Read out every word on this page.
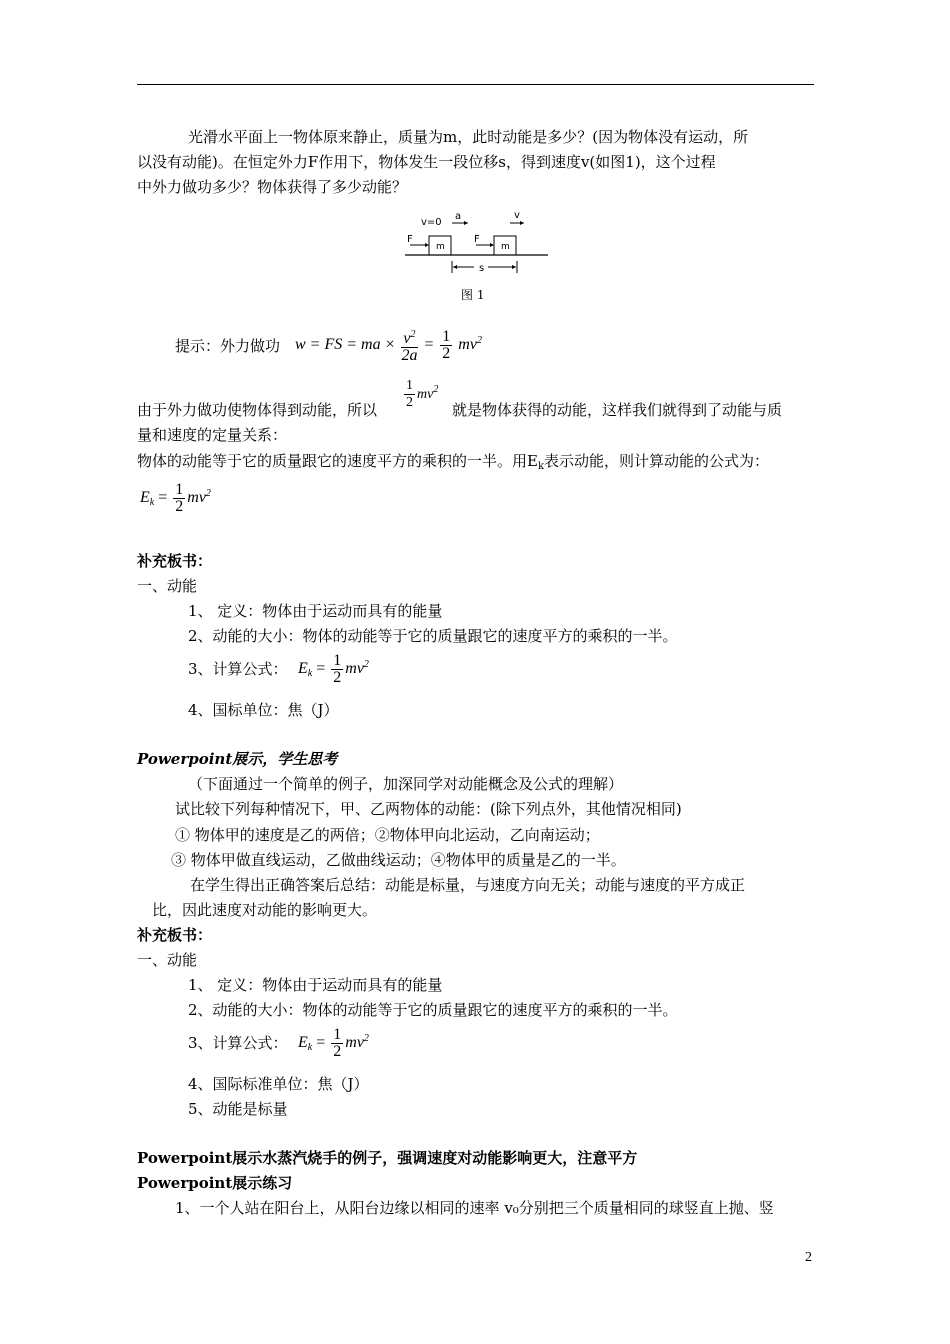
光滑水平面上一物体原来静止，质量为m，此时动能是多少？(因为物体没有运动，所
以没有动能)。在恒定外力F作用下，物体发生一段位移s，得到速度v(如图1)，这个过程
中外力做功多少？物体获得了多少动能？
v=0
a	v
F
m
F
m
s
图 1
提示：外力做功 w = FS = ma × $\frac{v^2}{2a} = \frac{1}{2} mv^2$
由于外力做功使物体得到动能，所以 $\frac{1}{2} mv^2$
就是物体获得的动能，这样我们就得到了动能与质
量和速度的定量关系：
物体的动能等于它的质量跟它的速度平方的乘积的一半。用$E_k$表示动能，则计算动能的公式为：
$E_k = \frac{1}{2} mv^2$
补充板书：
一、动能
1、 定义：物体由于运动而具有的能量
2、动能的大小：物体的动能等于它的质量跟它的速度平方的乘积的一半。
3、计算公式： $E_k = \frac{1}{2} mv^2$
4、国标单位：焦（J）
Powerpoint展示，学生思考
（下面通过一个简单的例子，加深同学对动能概念及公式的理解）
试比较下列每种情况下，甲、乙两物体的动能：(除下列点外，其他情况相同)
① 物体甲的速度是乙的两倍；②物体甲向北运动，乙向南运动；
③ 物体甲做直线运动，乙做曲线运动；④物体甲的质量是乙的一半。
在学生得出正确答案后总结：动能是标量，与速度方向无关；动能与速度的平方成正
比，因此速度对动能的影响更大。
补充板书：
一、动能
1、 定义：物体由于运动而具有的能量
2、动能的大小：物体的动能等于它的质量跟它的速度平方的乘积的一半。
3、计算公式： $E_k = \frac{1}{2} mv^2$
4、国际标准单位：焦（J）
5、动能是标量
Powerpoint展示水蒸汽烧手的例子，强调速度对动能影响更大，注意平方
Powerpoint展示练习
1、一个人站在阳台上，从阳台边缘以相同的速率 v₀分别把三个质量相同的球竖直上抛、竖
2
